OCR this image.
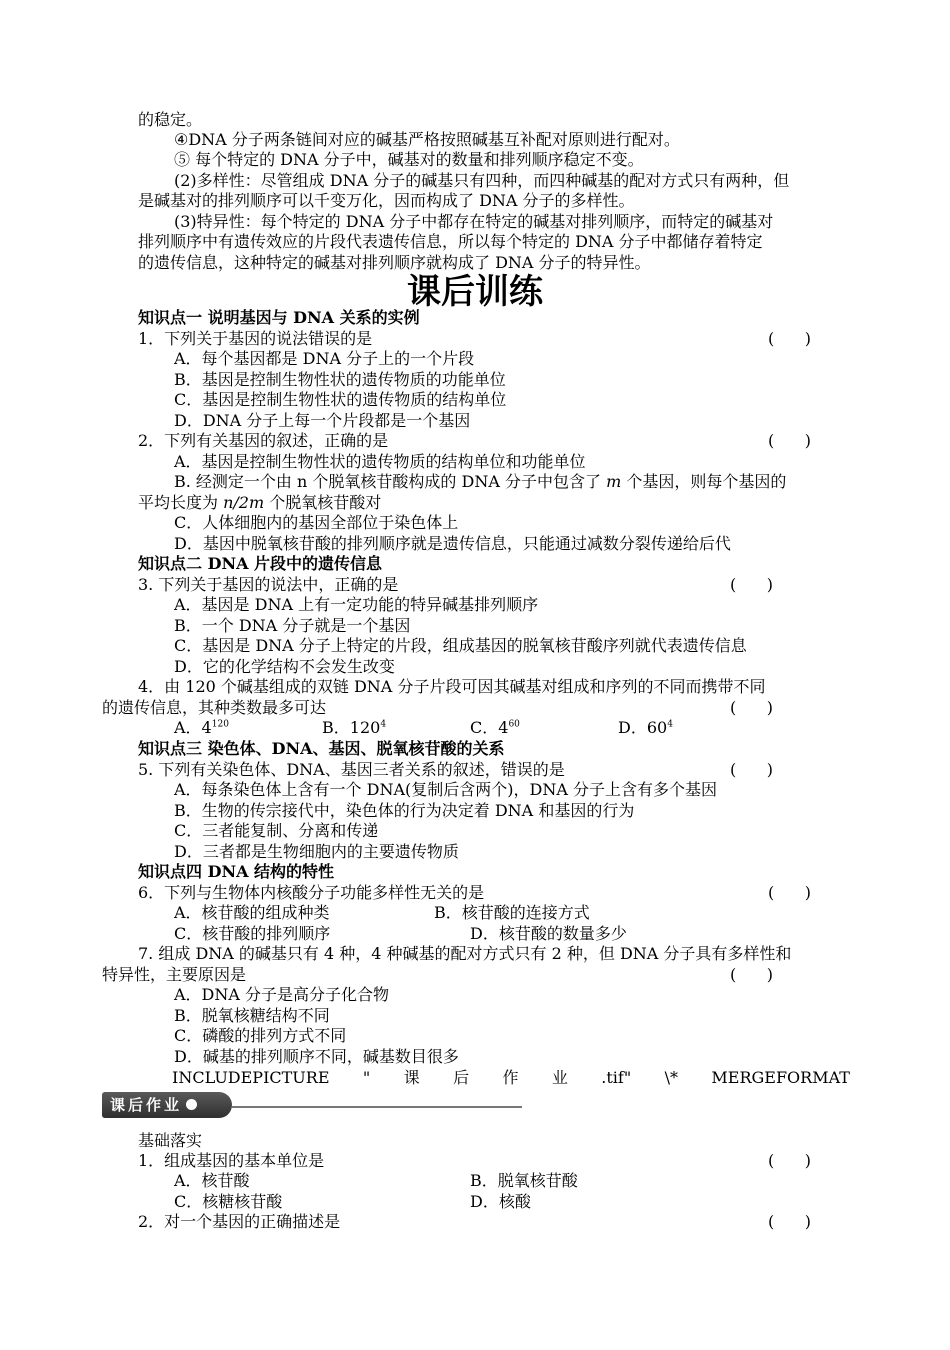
的稳定。
④DNA 分子两条链间对应的碱基严格按照碱基互补配对原则进行配对。
⑤ 每个特定的 DNA 分子中，碱基对的数量和排列顺序稳定不变。
(2)多样性：尽管组成 DNA 分子的碱基只有四种，而四种碱基的配对方式只有两种，但
是碱基对的排列顺序可以千变万化，因而构成了 DNA 分子的多样性。
(3)特异性：每个特定的 DNA 分子中都存在特定的碱基对排列顺序，而特定的碱基对
排列顺序中有遗传效应的片段代表遗传信息，所以每个特定的 DNA 分子中都储存着特定
的遗传信息，这种特定的碱基对排列顺序就构成了 DNA 分子的特异性。
课后训练
知识点一 说明基因与 DNA 关系的实例
1．下列关于基因的说法错误的是	(      )
A．每个基因都是 DNA 分子上的一个片段
B．基因是控制生物性状的遗传物质的功能单位
C．基因是控制生物性状的遗传物质的结构单位
D．DNA 分子上每一个片段都是一个基因
2．下列有关基因的叙述，正确的是	(      )
A．基因是控制生物性状的遗传物质的结构单位和功能单位
B. 经测定一个由 n 个脱氧核苷酸构成的 DNA 分子中包含了 m 个基因，则每个基因的
平均长度为 n/2m 个脱氧核苷酸对
C．人体细胞内的基因全部位于染色体上
D．基因中脱氧核苷酸的排列顺序就是遗传信息，只能通过减数分裂传递给后代
知识点二 DNA 片段中的遗传信息
3. 下列关于基因的说法中，正确的是	(      )
A．基因是 DNA 上有一定功能的特异碱基排列顺序
B．一个 DNA 分子就是一个基因
C．基因是 DNA 分子上特定的片段，组成基因的脱氧核苷酸序列就代表遗传信息
D．它的化学结构不会发生改变
4．由 120 个碱基组成的双链 DNA 分子片段可因其碱基对组成和序列的不同而携带不同
的遗传信息，其种类数最多可达	(      )
A．$4^{120}$	B．$120^4$	C．$4^{60}$	D．$60^4$
知识点三 染色体、DNA、基因、脱氧核苷酸的关系
5. 下列有关染色体、DNA、基因三者关系的叙述，错误的是	(      )
A．每条染色体上含有一个 DNA(复制后含两个)，DNA 分子上含有多个基因
B．生物的传宗接代中，染色体的行为决定着 DNA 和基因的行为
C．三者能复制、分离和传递
D．三者都是生物细胞内的主要遗传物质
知识点四 DNA 结构的特性
6．下列与生物体内核酸分子功能多样性无关的是	(      )
A．核苷酸的组成种类	B．核苷酸的连接方式
C．核苷酸的排列顺序	D．核苷酸的数量多少
7. 组成 DNA 的碱基只有 4 种，4 种碱基的配对方式只有 2 种，但 DNA 分子具有多样性和
特异性，主要原因是	(      )
A．DNA 分子是高分子化合物
B．脱氧核糖结构不同
C．磷酸的排列方式不同
D．碱基的排列顺序不同，碱基数目很多
INCLUDEPICTURE " 课 后 作 业 .tif" \* MERGEFORMAT
课后作业
基础落实
1．组成基因的基本单位是	(      )
A．核苷酸	B．脱氧核苷酸
C．核糖核苷酸	D．核酸
2．对一个基因的正确描述是	(      )
